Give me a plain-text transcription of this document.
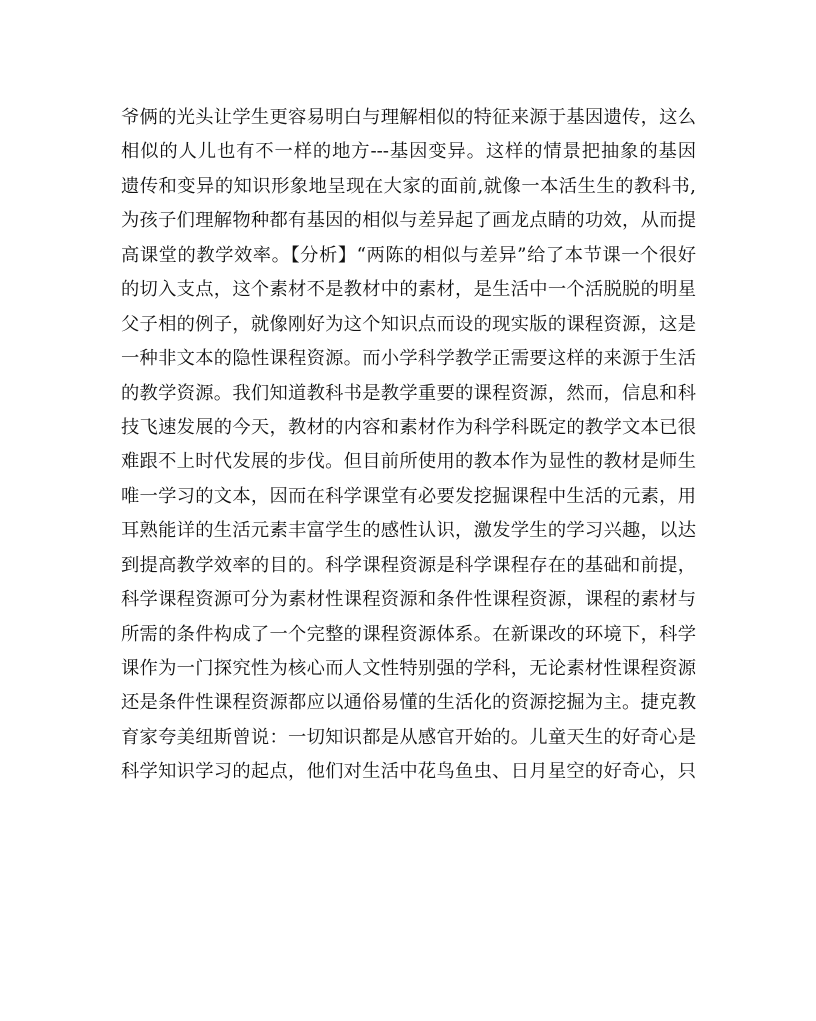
爷俩的光头让学生更容易明白与理解相似的特征来源于基因遗传，这么
相似的人儿也有不一样的地方---基因变异。这样的情景把抽象的基因
遗传和变异的知识形象地呈现在大家的面前,就像一本活生生的教科书,
为孩子们理解物种都有基因的相似与差异起了画龙点睛的功效，从而提
高课堂的教学效率。【分析】“两陈的相似与差异”给了本节课一个很好
的切入支点，这个素材不是教材中的素材，是生活中一个活脱脱的明星
父子相的例子，就像刚好为这个知识点而设的现实版的课程资源，这是
一种非文本的隐性课程资源。而小学科学教学正需要这样的来源于生活
的教学资源。我们知道教科书是教学重要的课程资源，然而，信息和科
技飞速发展的今天，教材的内容和素材作为科学科既定的教学文本已很
难跟不上时代发展的步伐。但目前所使用的教本作为显性的教材是师生
唯一学习的文本，因而在科学课堂有必要发挖掘课程中生活的元素，用
耳熟能详的生活元素丰富学生的感性认识，激发学生的学习兴趣，以达
到提高教学效率的目的。科学课程资源是科学课程存在的基础和前提，
科学课程资源可分为素材性课程资源和条件性课程资源，课程的素材与
所需的条件构成了一个完整的课程资源体系。在新课改的环境下，科学
课作为一门探究性为核心而人文性特别强的学科，无论素材性课程资源
还是条件性课程资源都应以通俗易懂的生活化的资源挖掘为主。捷克教
育家夸美纽斯曾说：一切知识都是从感官开始的。儿童天生的好奇心是
科学知识学习的起点，他们对生活中花鸟鱼虫、日月星空的好奇心，只
